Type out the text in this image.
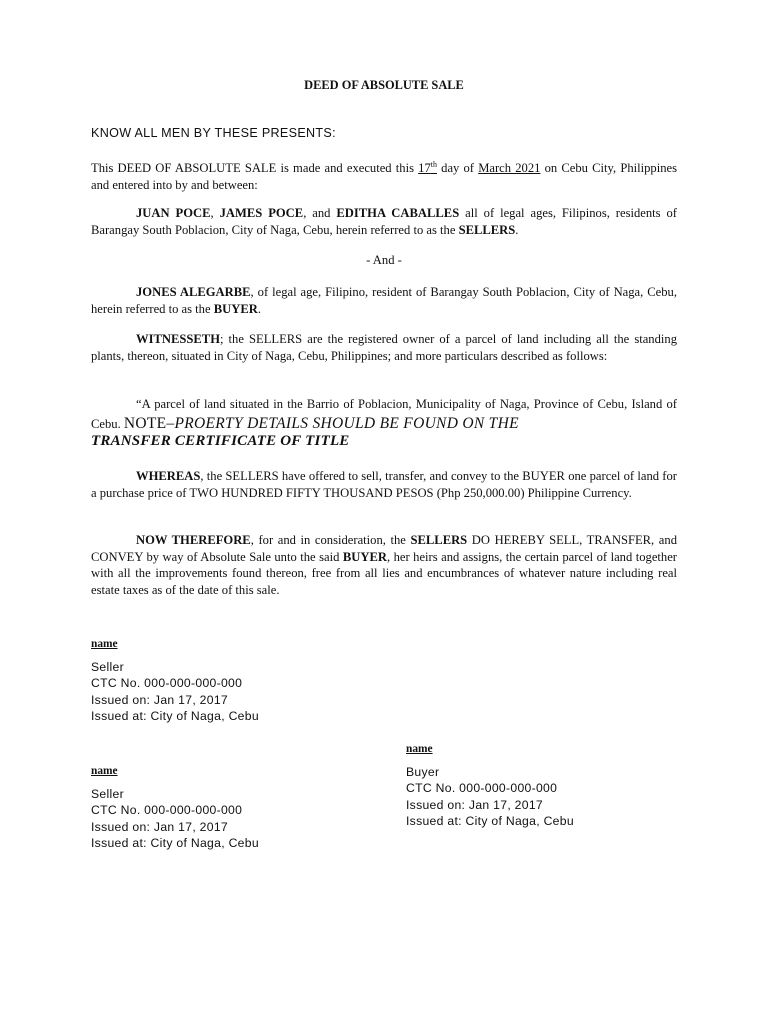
DEED OF ABSOLUTE SALE
KNOW ALL MEN BY THESE PRESENTS:
This DEED OF ABSOLUTE SALE is made and executed this 17th day of March 2021 on Cebu City, Philippines and entered into by and between:
JUAN POCE, JAMES POCE, and EDITHA CABALLES all of legal ages, Filipinos, residents of Barangay South Poblacion, City of Naga, Cebu, herein referred to as the SELLERS.
- And -
JONES ALEGARBE, of legal age, Filipino, resident of Barangay South Poblacion, City of Naga, Cebu, herein referred to as the BUYER.
WITNESSETH; the SELLERS are the registered owner of a parcel of land including all the standing plants, thereon, situated in City of Naga, Cebu, Philippines; and more particulars described as follows:
“A parcel of land situated in the Barrio of Poblacion, Municipality of Naga, Province of Cebu, Island of Cebu. NOTE–PROERTY DETAILS SHOULD BE FOUND ON THE
TRANSFER CERTIFICATE OF TITLE
WHEREAS, the SELLERS have offered to sell, transfer, and convey to the BUYER one parcel of land for a purchase price of TWO HUNDRED FIFTY THOUSAND PESOS (Php 250,000.00) Philippine Currency.
NOW THEREFORE, for and in consideration, the SELLERS DO HEREBY SELL, TRANSFER, and CONVEY by way of Absolute Sale unto the said BUYER, her heirs and assigns, the certain parcel of land together with all the improvements found thereon, free from all lies and encumbrances of whatever nature including real estate taxes as of the date of this sale.
name
Seller
CTC No. 000-000-000-000
Issued on: Jan 17, 2017
Issued at: City of Naga, Cebu
name
Buyer
CTC No. 000-000-000-000
Issued on: Jan 17, 2017
Issued at: City of Naga, Cebu
name
Seller
CTC No. 000-000-000-000
Issued on: Jan 17, 2017
Issued at: City of Naga, Cebu
